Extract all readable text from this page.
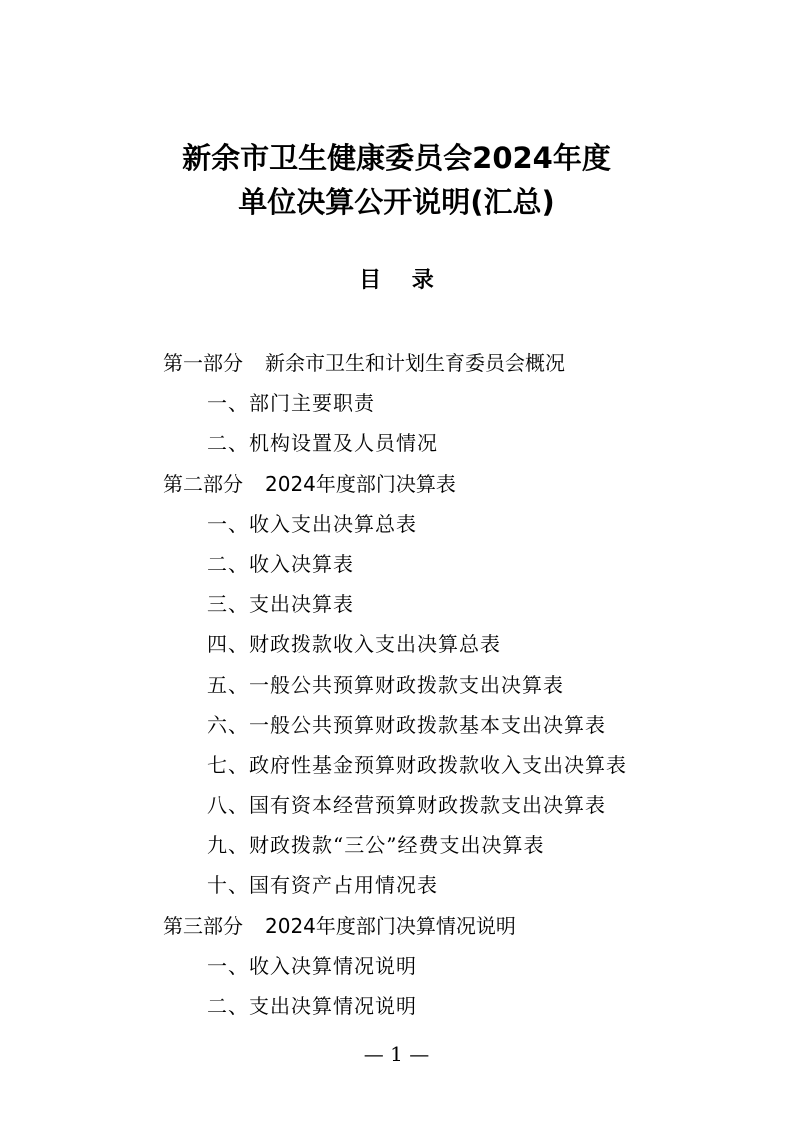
新余市卫生健康委员会2024年度
单位决算公开说明(汇总)
目    录
第一部分 新余市卫生和计划生育委员会概况
一、部门主要职责
二、机构设置及人员情况
第二部分 2024年度部门决算表
一、收入支出决算总表
二、收入决算表
三、支出决算表
四、财政拨款收入支出决算总表
五、一般公共预算财政拨款支出决算表
六、一般公共预算财政拨款基本支出决算表
七、政府性基金预算财政拨款收入支出决算表
八、国有资本经营预算财政拨款支出决算表
九、财政拨款“三公”经费支出决算表
十、国有资产占用情况表
第三部分 2024年度部门决算情况说明
一、收入决算情况说明
二、支出决算情况说明
— 1 —
